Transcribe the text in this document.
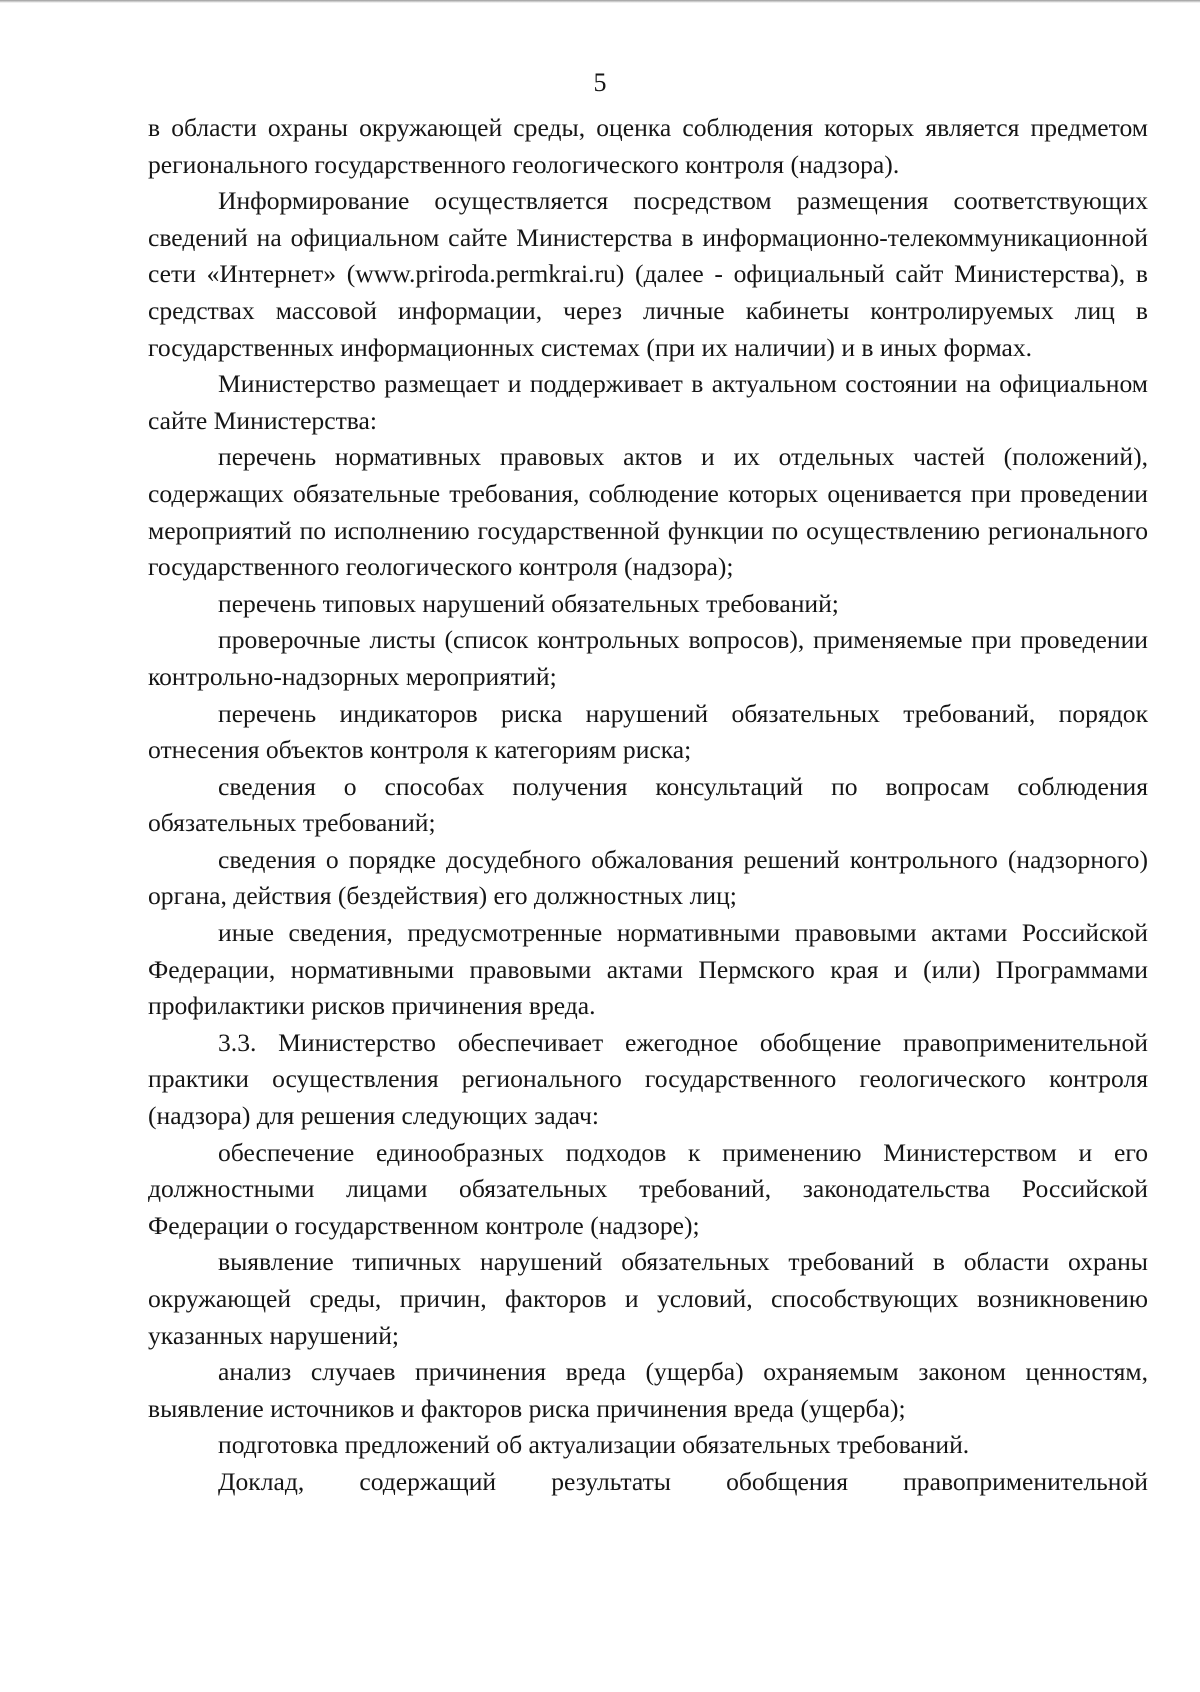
5

в области охраны окружающей среды, оценка соблюдения которых является предметом регионального государственного геологического контроля (надзора).

Информирование осуществляется посредством размещения соответствующих сведений на официальном сайте Министерства в информационно-телекоммуникационной сети «Интернет» (www.priroda.permkrai.ru) (далее - официальный сайт Министерства), в средствах массовой информации, через личные кабинеты контролируемых лиц в государственных информационных системах (при их наличии) и в иных формах.

Министерство размещает и поддерживает в актуальном состоянии на официальном сайте Министерства:

перечень нормативных правовых актов и их отдельных частей (положений), содержащих обязательные требования, соблюдение которых оценивается при проведении мероприятий по исполнению государственной функции по осуществлению регионального государственного геологического контроля (надзора);

перечень типовых нарушений обязательных требований;

проверочные листы (список контрольных вопросов), применяемые при проведении контрольно-надзорных мероприятий;

перечень индикаторов риска нарушений обязательных требований, порядок отнесения объектов контроля к категориям риска;

сведения о способах получения консультаций по вопросам соблюдения обязательных требований;

сведения о порядке досудебного обжалования решений контрольного (надзорного) органа, действия (бездействия) его должностных лиц;

иные сведения, предусмотренные нормативными правовыми актами Российской Федерации, нормативными правовыми актами Пермского края и (или) Программами профилактики рисков причинения вреда.

3.3. Министерство обеспечивает ежегодное обобщение правоприменительной практики осуществления регионального государственного геологического контроля (надзора) для решения следующих задач:

обеспечение единообразных подходов к применению Министерством и его должностными лицами обязательных требований, законодательства Российской Федерации о государственном контроле (надзоре);

выявление типичных нарушений обязательных требований в области охраны окружающей среды, причин, факторов и условий, способствующих возникновению указанных нарушений;

анализ случаев причинения вреда (ущерба) охраняемым законом ценностям, выявление источников и факторов риска причинения вреда (ущерба);

подготовка предложений об актуализации обязательных требований.

Доклад, содержащий результаты обобщения правоприменительной
